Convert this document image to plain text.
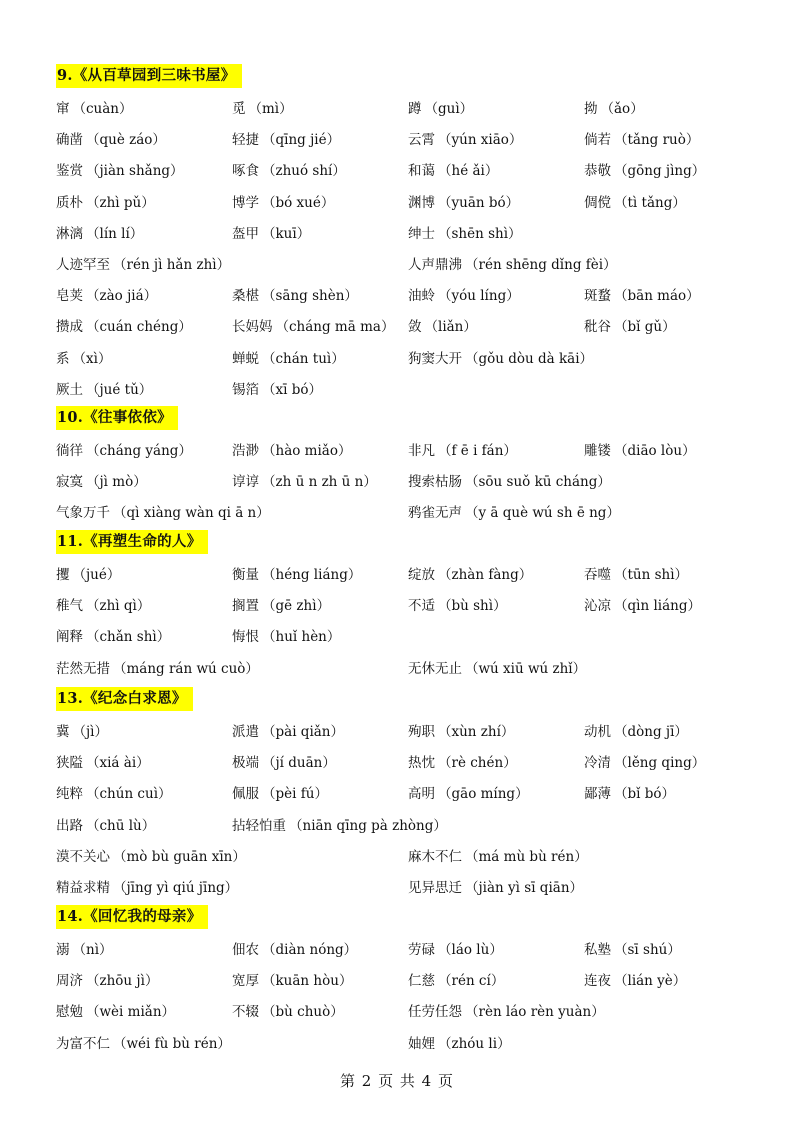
9.《从百草园到三味书屋》
窜 （cuàn）	觅 （mì）	蹲 （guì）	拗 （ǎo）
确凿 （què záo）	轻捷 （qīng jié）	云霄 （yún xiāo）	倘若 （tǎng ruò）
鉴赏 （jiàn shǎng）	啄食 （zhuó shí）	和蔼 （hé ǎi）	恭敬 （gōng jìng）
质朴 （zhì pǔ）	博学 （bó xué）	渊博 （yuān bó）	倜傥 （tì tǎng）
淋漓 （lín lí）	盔甲 （kuī）	绅士 （shēn shì）
人迹罕至 （rén jì hǎn zhì）	人声鼎沸 （rén shēng dǐng fèi）
皂荚 （zào jiá）	桑椹 （sāng shèn）	油蛉 （yóu líng）	斑蝥 （bān máo）
攒成 （cuán chéng）	长妈妈 （cháng mā ma） 敛 （liǎn）	秕谷 （bǐ gǔ）
系 （xì）	蝉蜕 （chán tuì）	狗窦大开 （gǒu dòu dà kāi）
厥土 （jué tǔ）	锡箔 （xī bó）
10.《往事依依》
徜徉 （cháng yáng）	浩渺 （hào miǎo）	非凡 （f ē i fán）	雕镂 （diāo lòu）
寂寞 （jì mò）	谆谆 （zh ū n zh ū n） 搜索枯肠 （sōu suǒ kū cháng）
气象万千 （qì xiàng wàn qi ā n）	鸦雀无声 （y ā què wú sh ē ng）
11.《再塑生命的人》
攫 （jué）	衡量 （héng liáng）	绽放 （zhàn fàng）	吞噬 （tūn shì）
稚气 （zhì qì）	搁置 （gē zhì）	不适 （bù shì）	沁凉 （qìn liáng）
阐释 （chǎn shì）	悔恨 （huǐ hèn）
茫然无措 （máng rán wú cuò）	无休无止 （wú xiū wú zhǐ）
13.《纪念白求恩》
冀 （jì）	派遣 （pài qiǎn）	殉职 （xùn zhí）	动机 （dòng jī）
狭隘 （xiá ài）	极端 （jí duān）	热忱 （rè chén）	冷清 （lěng qing）
纯粹 （chún cuì）	佩服 （pèi fú）	高明 （gāo míng）	鄙薄 （bǐ bó）
出路 （chū lù）	拈轻怕重 （niān qīng pà zhòng）
漠不关心 （mò bù guān xīn）	麻木不仁 （má mù bù rén）
精益求精 （jīng yì qiú jīng）	见异思迁 （jiàn yì sī qiān）
14.《回忆我的母亲》
溺 （nì）	佃农 （diàn nóng）	劳碌 （láo lù）	私塾 （sī shú）
周济 （zhōu jì）	宽厚 （kuān hòu）	仁慈 （rén cí）	连夜 （lián yè）
慰勉 （wèi miǎn）	不辍 （bù chuò）	任劳任怨 （rèn láo rèn yuàn）
为富不仁 （wéi fù bù rén）	妯娌 （zhóu li）
第 2 页 共 4 页
